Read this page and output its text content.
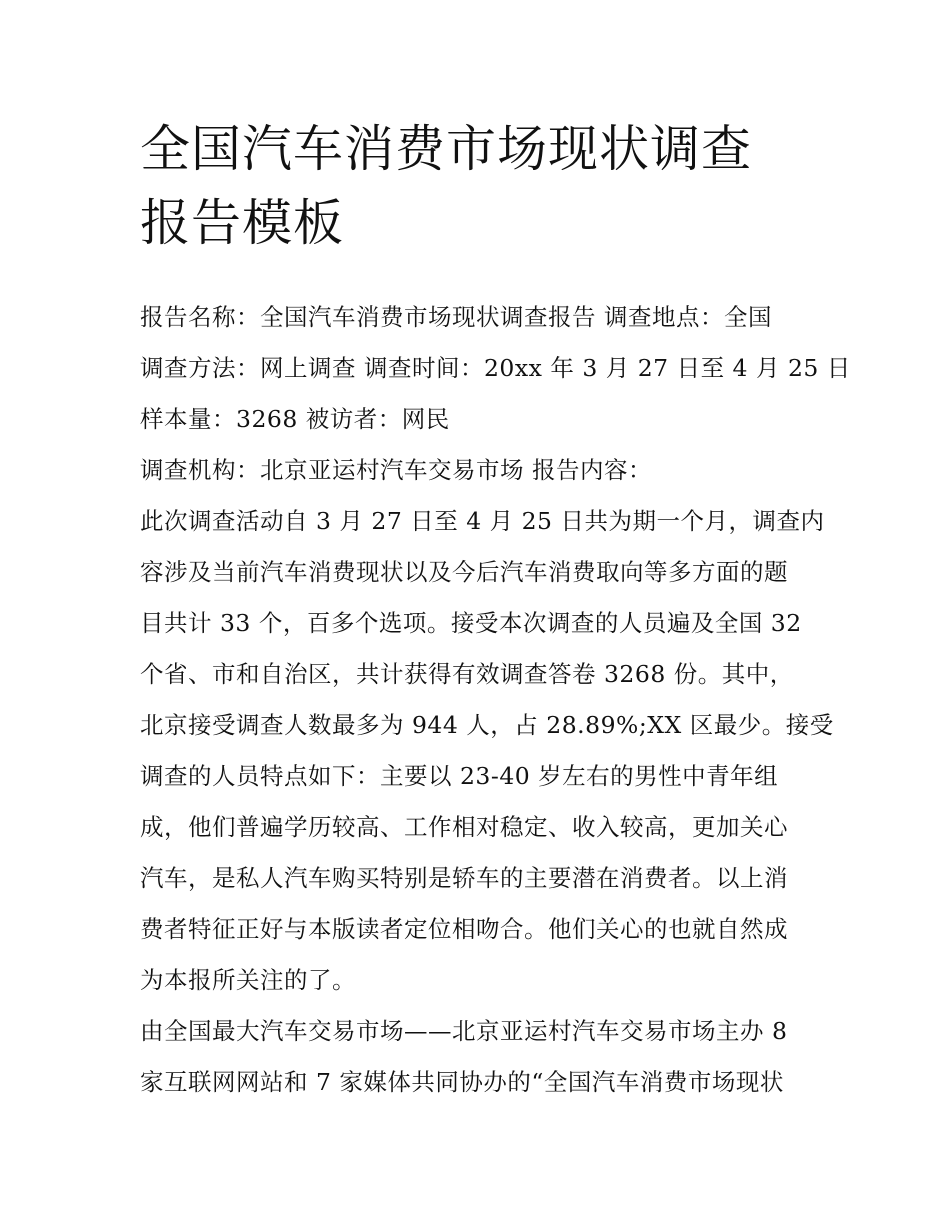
全国汽车消费市场现状调查报告模板
报告名称：全国汽车消费市场现状调查报告 调查地点：全国
调查方法：网上调查 调查时间：20xx 年 3 月 27 日至 4 月 25 日
样本量：3268 被访者：网民
调查机构：北京亚运村汽车交易市场 报告内容：
此次调查活动自 3 月 27 日至 4 月 25 日共为期一个月，调查内
容涉及当前汽车消费现状以及今后汽车消费取向等多方面的题
目共计 33 个，百多个选项。接受本次调查的人员遍及全国 32
个省、市和自治区，共计获得有效调查答卷 3268 份。其中，
北京接受调查人数最多为 944 人，占 28.89%;XX 区最少。接受
调查的人员特点如下：主要以 23-40 岁左右的男性中青年组
成，他们普遍学历较高、工作相对稳定、收入较高，更加关心
汽车，是私人汽车购买特别是轿车的主要潜在消费者。以上消
费者特征正好与本版读者定位相吻合。他们关心的也就自然成
为本报所关注的了。
由全国最大汽车交易市场——北京亚运村汽车交易市场主办 8
家互联网网站和 7 家媒体共同协办的“全国汽车消费市场现状
